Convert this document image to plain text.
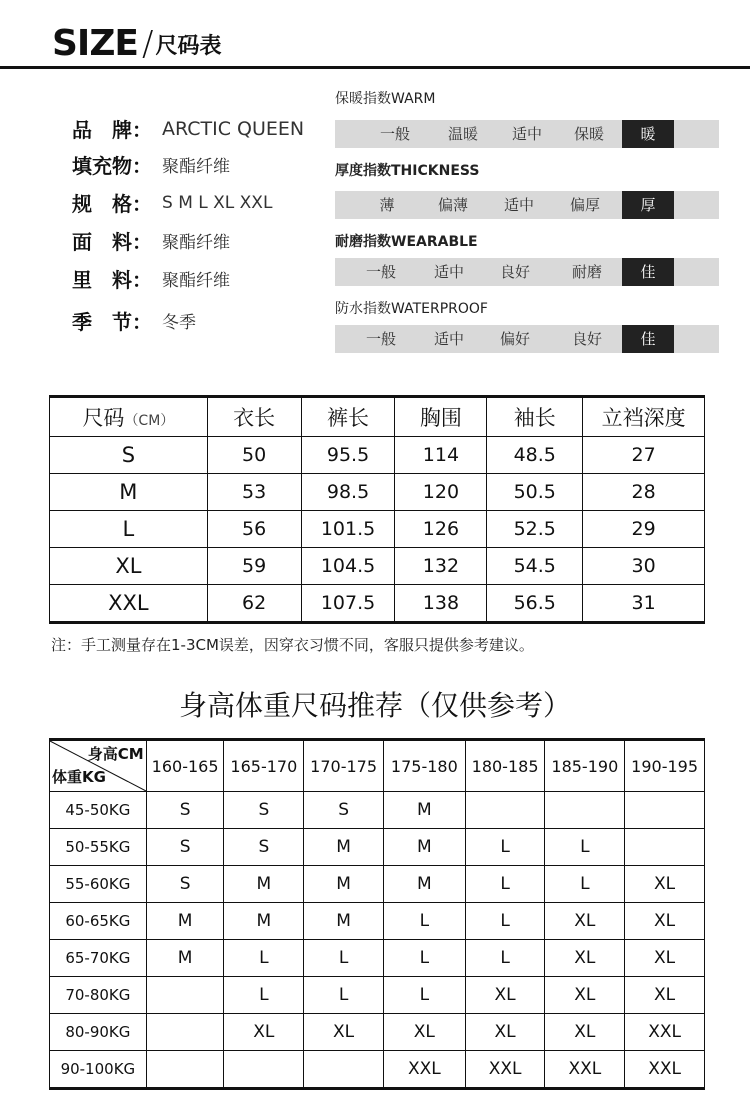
SIZE / 尺码表
品　牌： ARCTIC QUEEN
填充物： 聚酯纤维
规　格： S M L XL XXL
面　料： 聚酯纤维
里　料： 聚酯纤维
季　节： 冬季
保暖指数WARM
一般	温暖	适中	保暖	暖
厚度指数THICKNESS
薄	偏薄	适中	偏厚	厚
耐磨指数WEARABLE
一般	适中	良好	耐磨	佳
防水指数WATERPROOF
一般	适中	偏好	良好	佳
尺码（CM）	衣长	裤长	胸围	袖长	立裆深度
S	50	95.5	114	48.5	27
M	53	98.5	120	50.5	28
L	56	101.5	126	52.5	29
XL	59	104.5	132	54.5	30
XXL	62	107.5	138	56.5	31
注：手工测量存在1-3CM误差，因穿衣习惯不同，客服只提供参考建议。
身高体重尺码推荐（仅供参考）
身高CM
体重KG	160-165	165-170	170-175	175-180	180-185	185-190	190-195
45-50KG	S	S	S	M			
50-55KG	S	S	M	M	L	L	
55-60KG	S	M	M	M	L	L	XL
60-65KG	M	M	M	L	L	XL	XL
65-70KG	M	L	L	L	L	XL	XL
70-80KG		L	L	L	XL	XL	XL
80-90KG		XL	XL	XL	XL	XL	XXL
90-100KG				XXL	XXL	XXL	XXL
